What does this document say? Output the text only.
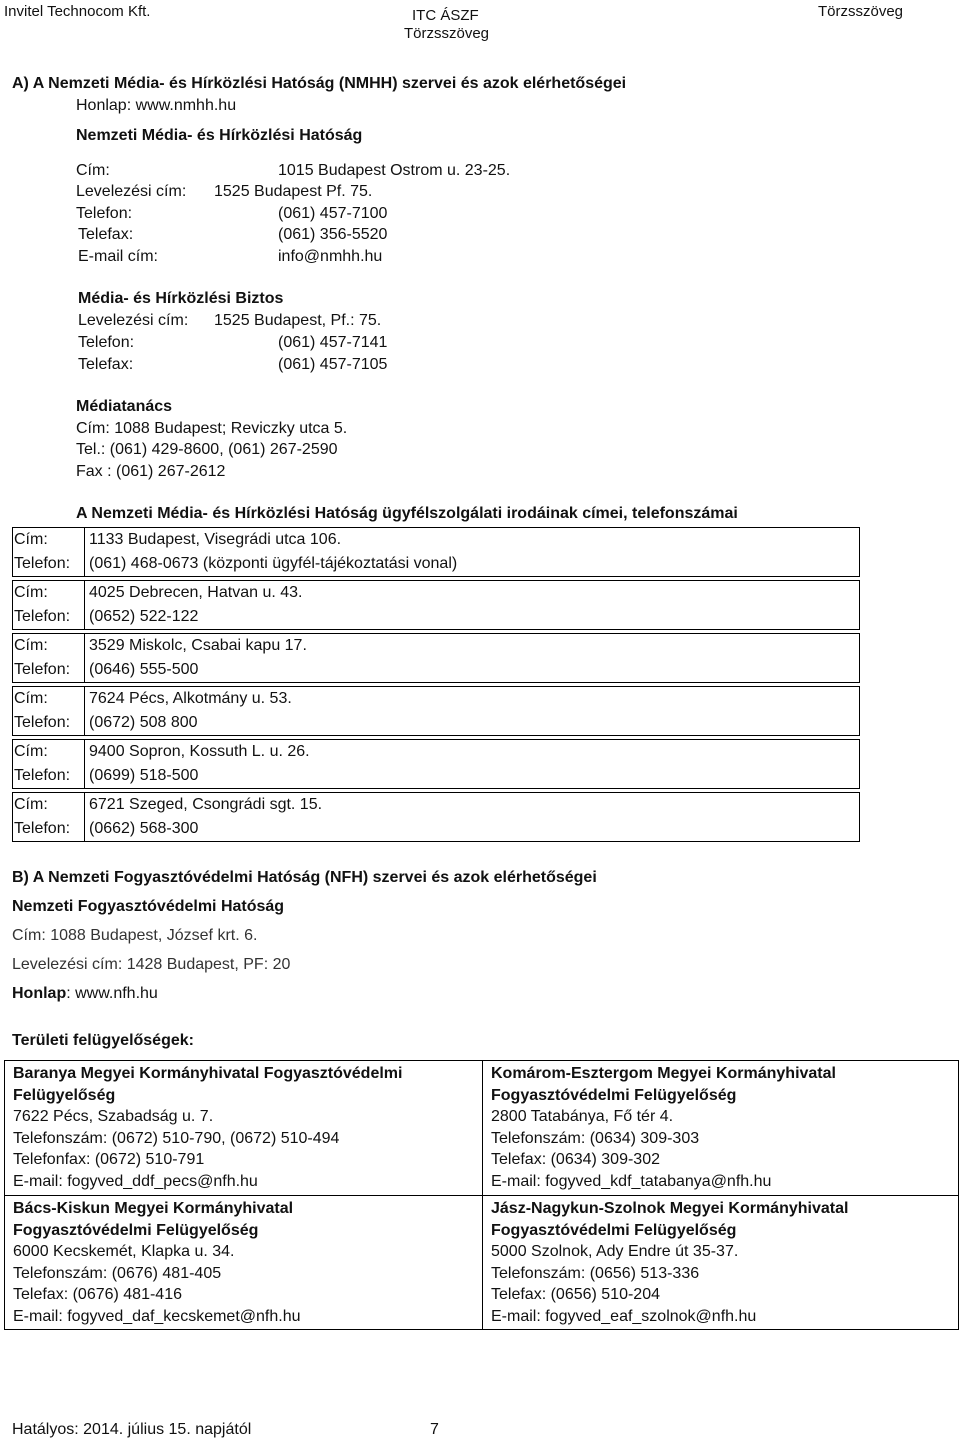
Invitel Technocom Kft.	ITC ÁSZF
Törzsszöveg
Törzsszöveg
A) A Nemzeti Média- és Hírközlési Hatóság (NMHH) szervei és azok elérhetőségei
Honlap: www.nmhh.hu
Nemzeti Média- és Hírközlési Hatóság
Cím:	1015 Budapest Ostrom u. 23-25.
Levelezési cím: 1525 Budapest Pf. 75.
Telefon:	(061) 457-7100
Telefax:	(061) 356-5520
E-mail cím:	info@nmhh.hu
Média- és Hírközlési Biztos
Levelezési cím: 1525 Budapest, Pf.: 75.
Telefon:	(061) 457-7141
Telefax:	(061) 457-7105
Médiatanács
Cím: 1088 Budapest; Reviczky utca 5.
Tel.: (061) 429-8600, (061) 267-2590
Fax : (061) 267-2612
A Nemzeti Média- és Hírközlési Hatóság ügyfélszolgálati irodáinak címei, telefonszámai
Cím:	1133 Budapest, Visegrádi utca 106.
Telefon: (061) 468-0673 (központi ügyfél-tájékoztatási vonal)
Cím:	4025 Debrecen, Hatvan u. 43.
Telefon: (0652) 522-122
Cím:	3529 Miskolc, Csabai kapu 17.
Telefon: (0646) 555-500
Cím:	7624 Pécs, Alkotmány u. 53.
Telefon: (0672) 508 800
Cím:	9400 Sopron, Kossuth L. u. 26.
Telefon: (0699) 518-500
Cím:	6721 Szeged, Csongrádi sgt. 15.
Telefon: (0662) 568-300
B) A Nemzeti Fogyasztóvédelmi Hatóság (NFH) szervei és azok elérhetőségei
Nemzeti Fogyasztóvédelmi Hatóság
Cím: 1088 Budapest, József krt. 6.
Levelezési cím: 1428 Budapest, PF: 20
Honlap: www.nfh.hu
Területi felügyelőségek:
Baranya Megyei Kormányhivatal Fogyasztóvédelmi
Felügyelőség
7622 Pécs, Szabadság u. 7.
Telefonszám: (0672) 510-790, (0672) 510-494
Telefonfax: (0672) 510-791
E-mail: fogyved_ddf_pecs@nfh.hu
Komárom-Esztergom Megyei Kormányhivatal
Fogyasztóvédelmi Felügyelőség
2800 Tatabánya, Fő tér 4.
Telefonszám: (0634) 309-303
Telefax: (0634) 309-302
E-mail: fogyved_kdf_tatabanya@nfh.hu
Bács-Kiskun Megyei Kormányhivatal
Fogyasztóvédelmi Felügyelőség
6000 Kecskemét, Klapka u. 34.
Telefonszám: (0676) 481-405
Telefax: (0676) 481-416
E-mail: fogyved_daf_kecskemet@nfh.hu
Jász-Nagykun-Szolnok Megyei Kormányhivatal
Fogyasztóvédelmi Felügyelőség
5000 Szolnok, Ady Endre út 35-37.
Telefonszám: (0656) 513-336
Telefax: (0656) 510-204
E-mail: fogyved_eaf_szolnok@nfh.hu
Hatályos: 2014. július 15. napjától	7
